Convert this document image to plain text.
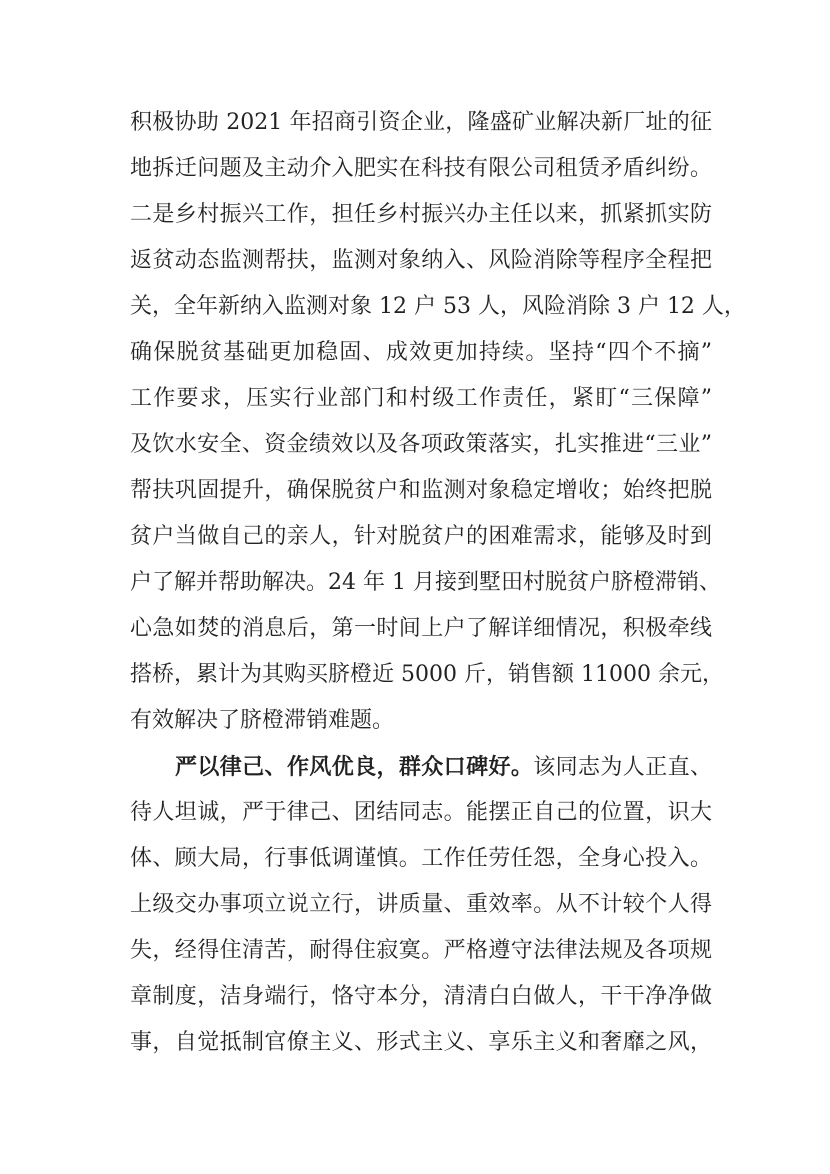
积极协助 2021 年招商引资企业，隆盛矿业解决新厂址的征
地拆迁问题及主动介入肥实在科技有限公司租赁矛盾纠纷。
二是乡村振兴工作，担任乡村振兴办主任以来，抓紧抓实防
返贫动态监测帮扶，监测对象纳入、风险消除等程序全程把
关，全年新纳入监测对象 12 户 53 人，风险消除 3 户 12 人，
确保脱贫基础更加稳固、成效更加持续。坚持“四个不摘”
工作要求，压实行业部门和村级工作责任，紧盯“三保障”
及饮水安全、资金绩效以及各项政策落实，扎实推进“三业”
帮扶巩固提升，确保脱贫户和监测对象稳定增收；始终把脱
贫户当做自己的亲人，针对脱贫户的困难需求，能够及时到
户了解并帮助解决。24 年 1 月接到墅田村脱贫户脐橙滞销、
心急如焚的消息后，第一时间上户了解详细情况，积极牵线
搭桥，累计为其购买脐橙近 5000 斤，销售额 11000 余元，
有效解决了脐橙滞销难题。
严以律己、作风优良，群众口碑好。该同志为人正直、
待人坦诚，严于律己、团结同志。能摆正自己的位置，识大
体、顾大局，行事低调谨慎。工作任劳任怨，全身心投入。
上级交办事项立说立行，讲质量、重效率。从不计较个人得
失，经得住清苦，耐得住寂寞。严格遵守法律法规及各项规
章制度，洁身端行，恪守本分，清清白白做人，干干净净做
事，自觉抵制官僚主义、形式主义、享乐主义和奢靡之风，
